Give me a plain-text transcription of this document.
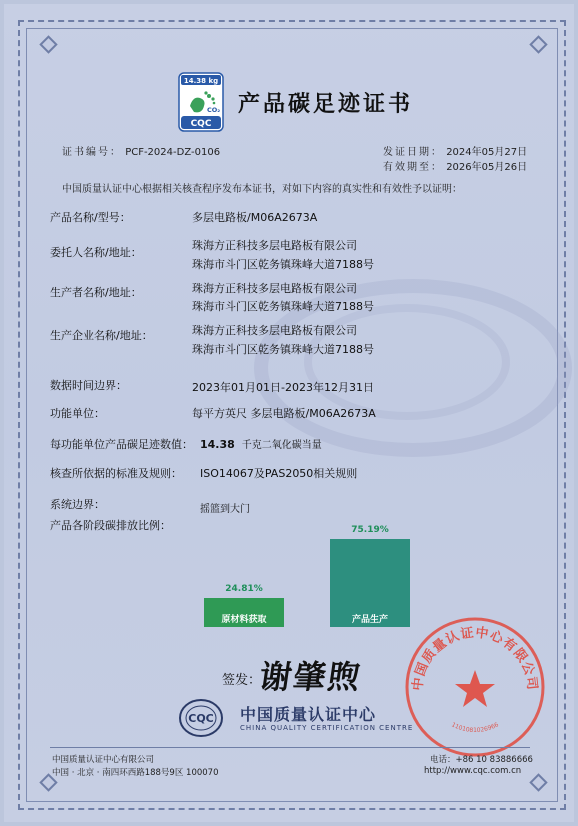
14.38 kg
CO₂
CQC
产品碳足迹证书
证书编号： PCF-2024-DZ-0106	发证日期： 2024年05月27日
有效期至： 2026年05月26日
中国质量认证中心根据相关核查程序发布本证书，对如下内容的真实性和有效性予以证明：
产品名称/型号：	多层电路板/M06A2673A
委托人名称/地址：
珠海方正科技多层电路板有限公司
珠海市斗门区乾务镇珠峰大道7188号
生产者名称/地址：	珠海方正科技多层电路板有限公司
珠海市斗门区乾务镇珠峰大道7188号
生产企业名称/地址：	珠海方正科技多层电路板有限公司
珠海市斗门区乾务镇珠峰大道7188号
数据时间边界：	2023年01月01日-2023年12月31日
功能单位：	每平方英尺 多层电路板/M06A2673A
每功能单位产品碳足迹数值： 14.38 千克二氧化碳当量
核查所依据的标准及规则： ISO14067及PAS2050相关规则
系统边界：	摇篮到大门
产品各阶段碳排放比例：
原材料获取
24.81%
产品生产
75.19%
签发：
谢肇煦	中国质量认证中心有限公司
1101081026966
CQC 中国质量认证中心
CHINA QUALITY CERTIFICATION CENTRE
中国质量认证中心有限公司
中国 · 北京 · 南四环西路188号9区 100070
电话：+86 10 83886666
http://www.cqc.com.cn
